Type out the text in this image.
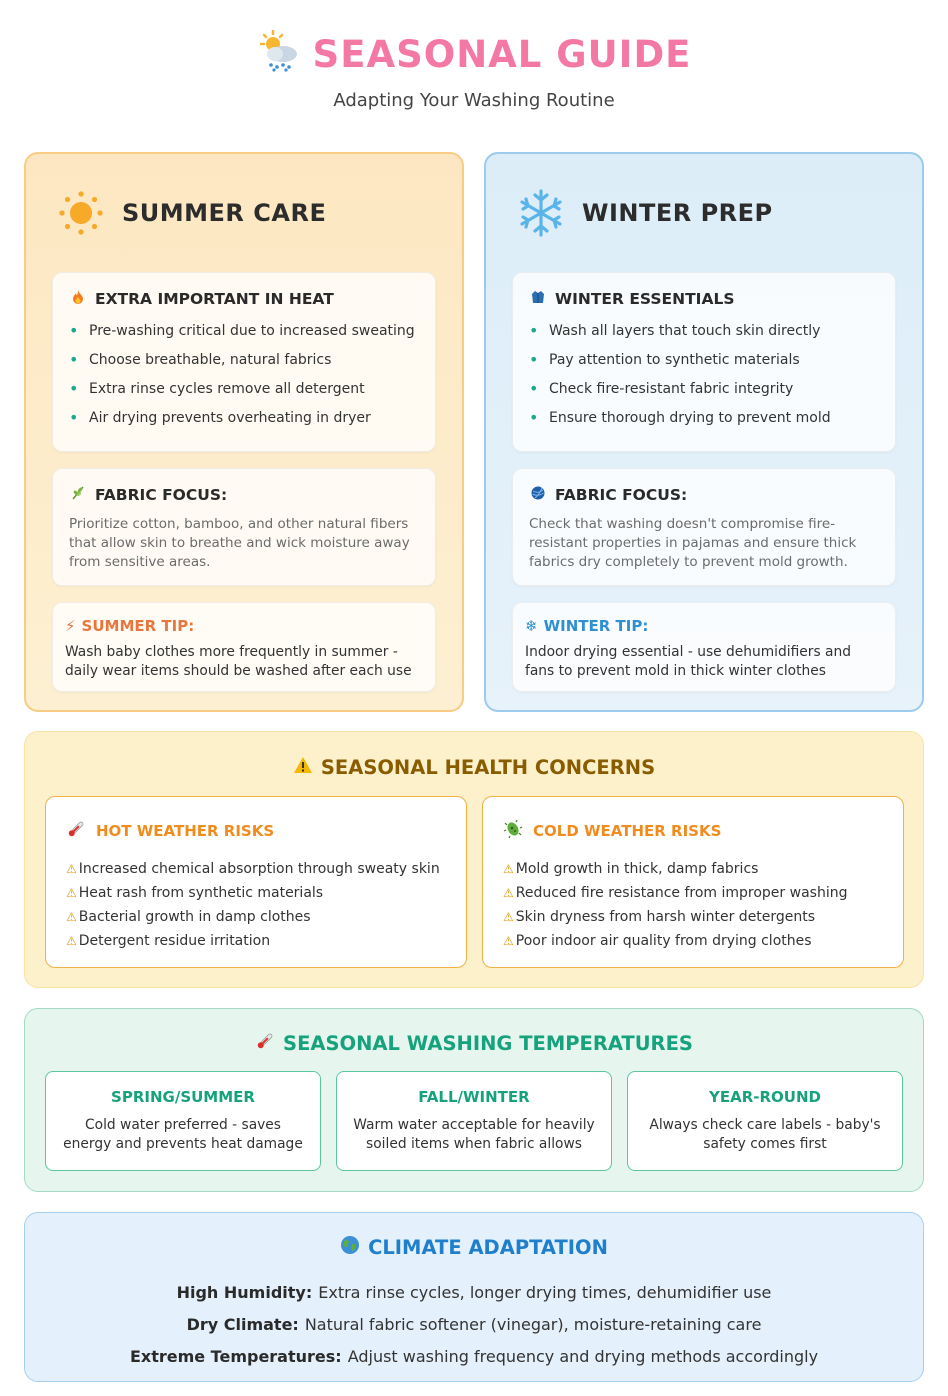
SEASONAL GUIDE
Adapting Your Washing Routine
SUMMER CARE
EXTRA IMPORTANT IN HEAT
• Pre-washing critical due to increased sweating
• Choose breathable, natural fabrics
• Extra rinse cycles remove all detergent
• Air drying prevents overheating in dryer
FABRIC FOCUS:
Prioritize cotton, bamboo, and other natural fibers that allow skin to breathe and wick moisture away from sensitive areas.
⚡ SUMMER TIP:
Wash baby clothes more frequently in summer - daily wear items should be washed after each use
WINTER PREP
WINTER ESSENTIALS
• Wash all layers that touch skin directly
• Pay attention to synthetic materials
• Check fire-resistant fabric integrity
• Ensure thorough drying to prevent mold
FABRIC FOCUS:
Check that washing doesn't compromise fire-resistant properties in pajamas and ensure thick fabrics dry completely to prevent mold growth.
❄ WINTER TIP:
Indoor drying essential - use dehumidifiers and fans to prevent mold in thick winter clothes
SEASONAL HEALTH CONCERNS
HOT WEATHER RISKS
⚠ Increased chemical absorption through sweaty skin
⚠ Heat rash from synthetic materials
⚠ Bacterial growth in damp clothes
⚠ Detergent residue irritation
COLD WEATHER RISKS
⚠ Mold growth in thick, damp fabrics
⚠ Reduced fire resistance from improper washing
⚠ Skin dryness from harsh winter detergents
⚠ Poor indoor air quality from drying clothes
SEASONAL WASHING TEMPERATURES
SPRING/SUMMER
Cold water preferred - saves energy and prevents heat damage
FALL/WINTER
Warm water acceptable for heavily soiled items when fabric allows
YEAR-ROUND
Always check care labels - baby's safety comes first
CLIMATE ADAPTATION
High Humidity: Extra rinse cycles, longer drying times, dehumidifier use
Dry Climate: Natural fabric softener (vinegar), moisture-retaining care
Extreme Temperatures: Adjust washing frequency and drying methods accordingly
